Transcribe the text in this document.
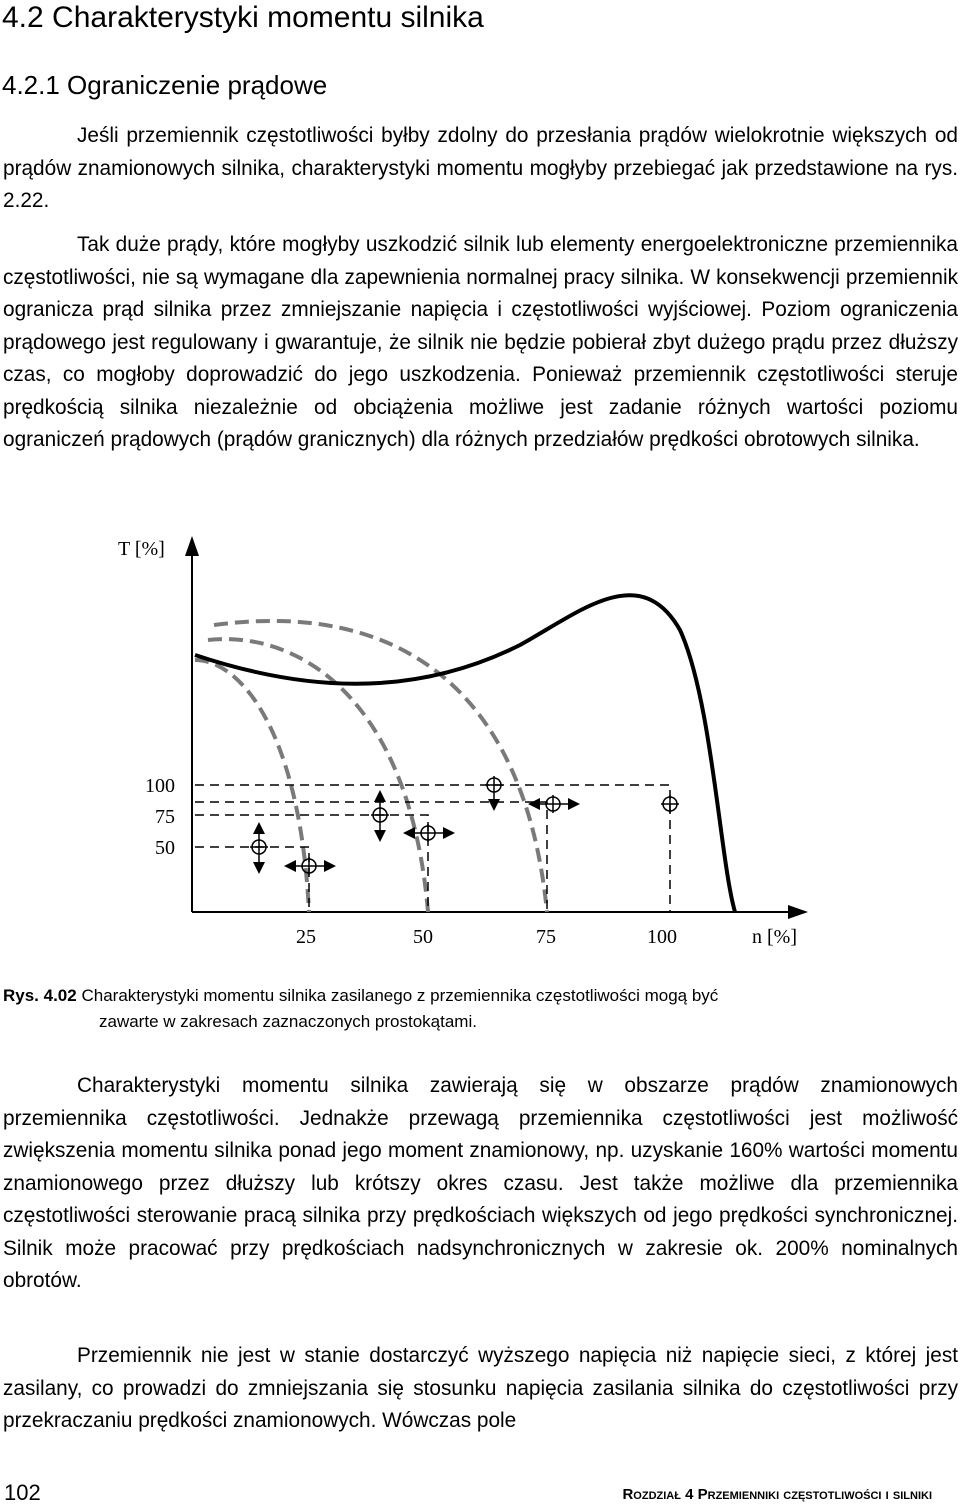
4.2 Charakterystyki momentu silnika
4.2.1 Ograniczenie prądowe

Jeśli przemiennik częstotliwości byłby zdolny do przesłania prądów wielokrotnie większych od prądów znamionowych silnika, charakterystyki momentu mogłyby przebiegać jak przedstawione na rys. 2.22.

Tak duże prądy, które mogłyby uszkodzić silnik lub elementy energoelektroniczne przemiennika częstotliwości, nie są wymagane dla zapewnienia normalnej pracy silnika. W konsekwencji przemiennik ogranicza prąd silnika przez zmniejszanie napięcia i częstotliwości wyjściowej. Poziom ograniczenia prądowego jest regulowany i gwarantuje, że silnik nie będzie pobierał zbyt dużego prądu przez dłuższy czas, co mogłoby doprowadzić do jego uszkodzenia. Ponieważ przemiennik częstotliwości steruje prędkością silnika niezależnie od obciążenia możliwe jest zadanie różnych wartości poziomu ograniczeń prądowych (prądów granicznych) dla różnych przedziałów prędkości obrotowych silnika.

T [%]
n [%]
100
75
50
25	50	75	100
Rys. 4.02 Charakterystyki momentu silnika zasilanego z przemiennika częstotliwości mogą być
zawarte w zakresach zaznaczonych prostokątami.

Charakterystyki momentu silnika zawierają się w obszarze prądów znamionowych przemiennika częstotliwości. Jednakże przewagą przemiennika częstotliwości jest możliwość zwiększenia momentu silnika ponad jego moment znamionowy, np. uzyskanie 160% wartości momentu znamionowego przez dłuższy lub krótszy okres czasu. Jest także możliwe dla przemiennika częstotliwości sterowanie pracą silnika przy prędkościach większych od jego prędkości synchronicznej. Silnik może pracować przy prędkościach nadsynchronicznych w zakresie ok. 200% nominalnych obrotów.

Przemiennik nie jest w stanie dostarczyć wyższego napięcia niż napięcie sieci, z której jest zasilany, co prowadzi do zmniejszania się stosunku napięcia zasilania silnika do częstotliwości przy przekraczaniu prędkości znamionowych. Wówczas pole

102	Rozdział 4 Przemienniki częstotliwości i silniki
